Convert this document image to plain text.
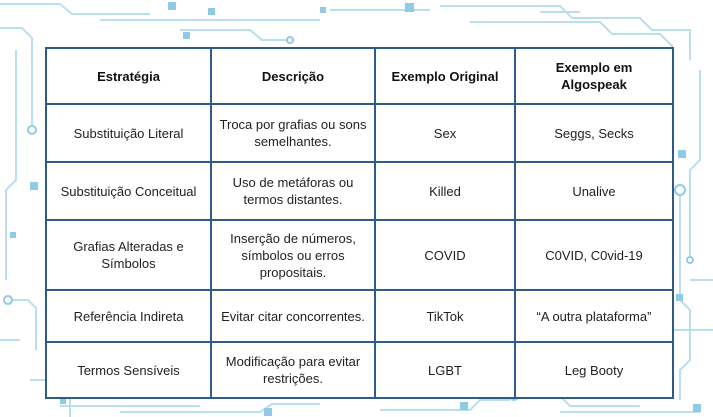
Estratégia	Descrição	Exemplo Original	Exemplo em Algospeak
Substituição Literal	Troca por grafias ou sons semelhantes.	Sex	Seggs, Secks
Substituição Conceitual	Uso de metáforas ou termos distantes.	Killed	Unalive
Grafias Alteradas e Símbolos	Inserção de números, símbolos ou erros propositais.	COVID	C0VID, C0vid-19
Referência Indireta	Evitar citar concorrentes.	TikTok	“A outra plataforma”
Termos Sensíveis	Modificação para evitar restrições.	LGBT	Leg Booty
